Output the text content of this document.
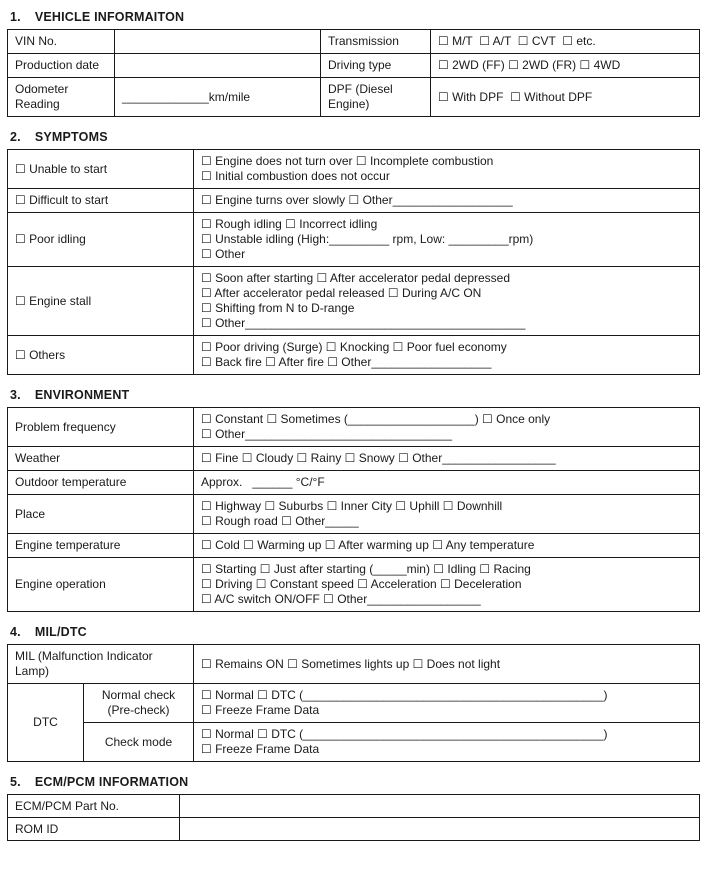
1. VEHICLE INFORMAITON
VIN No.		Transmission	☐ M/T  ☐ A/T  ☐ CVT  ☐ etc.
Production date		Driving type	☐ 2WD (FF) ☐ 2WD (FR) ☐ 4WD
Odometer Reading	_____________km/mile	DPF (Diesel Engine)	☐ With DPF  ☐ Without DPF
2. SYMPTOMS
☐ Unable to start	☐ Engine does not turn over ☐ Incomplete combustion
☐ Initial combustion does not occur

☐ Difficult to start	☐ Engine turns over slowly ☐ Other__________________

☐ Poor idling	☐ Rough idling ☐ Incorrect idling
☐ Unstable idling (High:_________ rpm, Low: _________rpm)
☐ Other

☐ Engine stall	☐ Soon after starting ☐ After accelerator pedal depressed
☐ After accelerator pedal released ☐ During A/C ON
☐ Shifting from N to D-range
☐ Other__________________________________________

☐ Others	☐ Poor driving (Surge) ☐ Knocking ☐ Poor fuel economy
☐ Back fire ☐ After fire ☐ Other__________________
3. ENVIRONMENT
Problem frequency	☐ Constant ☐ Sometimes (___________________) ☐ Once only
☐ Other_______________________________

Weather	☐ Fine ☐ Cloudy ☐ Rainy ☐ Snowy ☐ Other_________________

Outdoor temperature	Approx.   ______ °C/°F

Place	☐ Highway ☐ Suburbs ☐ Inner City ☐ Uphill ☐ Downhill
☐ Rough road ☐ Other_____

Engine temperature	☐ Cold ☐ Warming up ☐ After warming up ☐ Any temperature

Engine operation	☐ Starting ☐ Just after starting (_____min) ☐ Idling ☐ Racing
☐ Driving ☐ Constant speed ☐ Acceleration ☐ Deceleration
☐ A/C switch ON/OFF ☐ Other_________________
4. MIL/DTC
MIL (Malfunction Indicator Lamp)		☐ Remains ON ☐ Sometimes lights up ☐ Does not light
DTC	Normal check (Pre-check)	☐ Normal ☐ DTC (_____________________________________________)
☐ Freeze Frame Data

	Check mode	☐ Normal ☐ DTC (_____________________________________________)
☐ Freeze Frame Data
5. ECM/PCM INFORMATION
ECM/PCM Part No.	
ROM ID	
